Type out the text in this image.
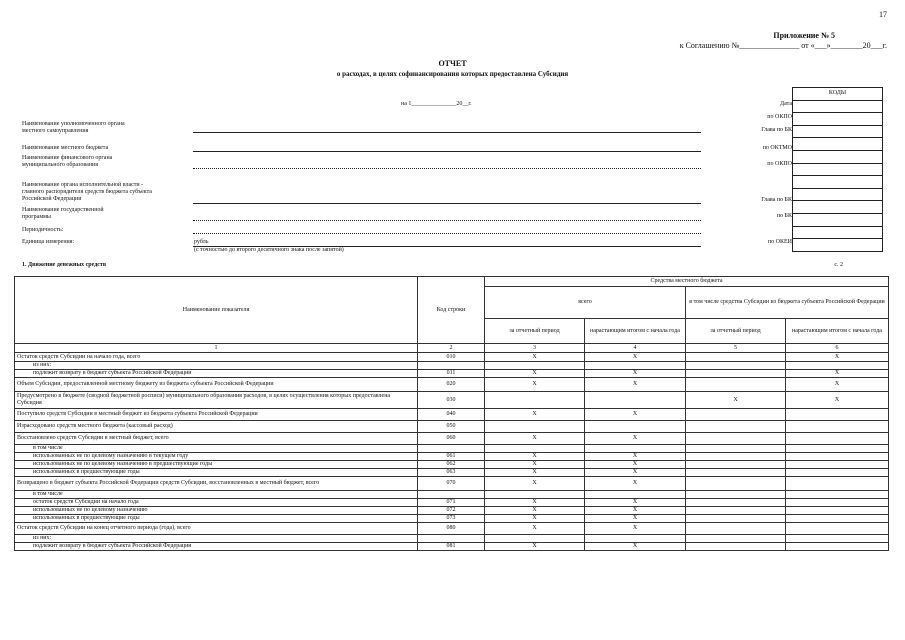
17
Приложение № 5
к Соглашению №_______________ от «___»________20___г.
ОТЧЕТ
о расходах, в целях софинансирования которых предоставлена Субсидия
на 1_______________20__г.
КОДЫ
Дата
по ОКПО
Глава по БК
по ОКТМО
по ОКПО
Глава по БК
по БК
по ОКЕИ
Наименование уполномоченного органа местного самоуправления
Наименование местного бюджета
Наименование финансового органа муниципального образования
Наименование органа исполнительной власти - главного распорядителя средств бюджета субъекта Российской Федерации
Наименование государственной программы
Периодичность:
Единица измерения:	рубль
(с точностью до второго десятичного знака после запятой)
1. Движение денежных средств	с. 2
Наименование показателя	Код строки	Средства местного бюджета			
		всего		в том числе средства Субсидии из бюджета субъекта Российской Федерации	
		за отчетный период	нарастающим итогом с начала года	за отчетный период	нарастающим итогом с начала года
1	2	3	4	5	6
Остаток средств Субсидии на начало года, всего	010	X	X		X
из них:					
подлежит возврату в бюджет субъекта Российской Федерации	011	X	X		X
Объем Субсидии, предоставленной местному бюджету из бюджета субъекта Российской Федерации	020	X	X		X
Предусмотрено в бюджете (сводной бюджетной росписи) муниципального образования расходов, в целях осуществления которых предоставлена Субсидия	030			X	X
Поступило средств Субсидии в местный бюджет из бюджета субъекта Российской Федерации	040	X	X		
Израсходовано средств местного бюджета (кассовый расход)	050				
Восстановлено средств Субсидии в местный бюджет, всего	060	X	X		
в том числе					
использованных не по целевому назначению в текущем году	061	X	X		
использованных не по целевому назначению в предшествующие годы	062	X	X		
использованных в предшествующие годы	063	X	X		
Возвращено в бюджет субъекта Российской Федерации средств Субсидии, восстановленных в местный бюджет, всего	070	X	X		
в том числе					
остаток средств Субсидии на начало года	071	X	X		
использованных не по целевому назначению	072	X	X		
использованных в предшествующие годы	073	X	X		
Остаток средств Субсидии на конец отчетного периода (года), всего	080	X	X		
из них:					
подлежит возврату в бюджет субъекта Российской Федерации	081	X	X		
